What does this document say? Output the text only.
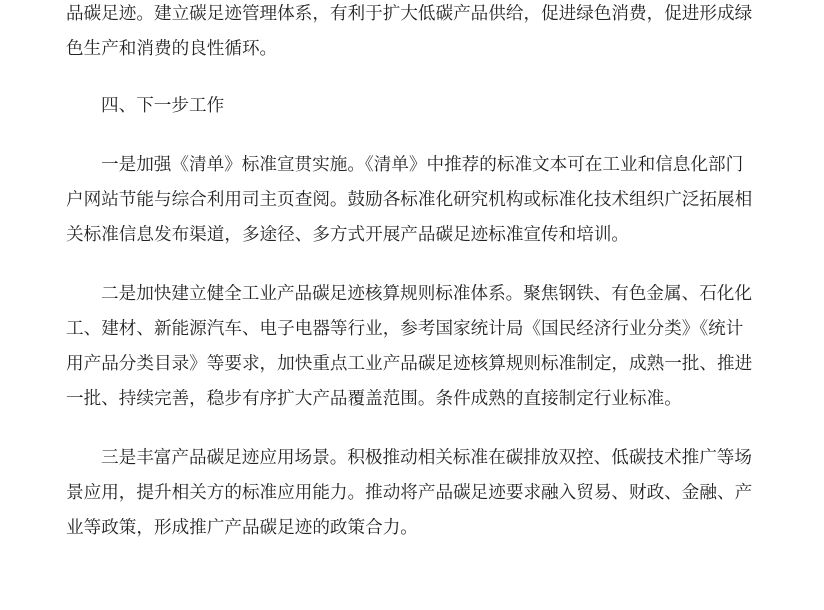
品碳足迹。建立碳足迹管理体系，有利于扩大低碳产品供给，促进绿色消费，促进形成绿色生产和消费的良性循环。

四、下一步工作

一是加强《清单》标准宣贯实施。《清单》中推荐的标准文本可在工业和信息化部门户网站节能与综合利用司主页查阅。鼓励各标准化研究机构或标准化技术组织广泛拓展相关标准信息发布渠道，多途径、多方式开展产品碳足迹标准宣传和培训。

二是加快建立健全工业产品碳足迹核算规则标准体系。聚焦钢铁、有色金属、石化化工、建材、新能源汽车、电子电器等行业，参考国家统计局《国民经济行业分类》《统计用产品分类目录》等要求，加快重点工业产品碳足迹核算规则标准制定，成熟一批、推进一批、持续完善，稳步有序扩大产品覆盖范围。条件成熟的直接制定行业标准。

三是丰富产品碳足迹应用场景。积极推动相关标准在碳排放双控、低碳技术推广等场景应用，提升相关方的标准应用能力。推动将产品碳足迹要求融入贸易、财政、金融、产业等政策，形成推广产品碳足迹的政策合力。
